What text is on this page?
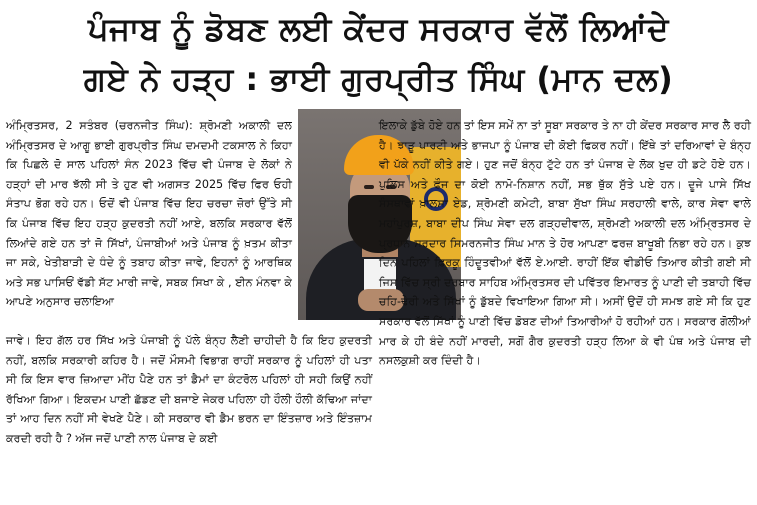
ਪੰਜਾਬ ਨੂੰ ਡੋਬਣ ਲਈ ਕੇਂਦਰ ਸਰਕਾਰ ਵੱਲੋਂ ਲਿਆਂਦੇ
ਗਏ ਨੇ ਹੜ੍ਹ : ਭਾਈ ਗੁਰਪ੍ਰੀਤ ਸਿੰਘ (ਮਾਨ ਦਲ)
ਅੰਮ੍ਰਿਤਸਰ, 2 ਸਤੰਬਰ (ਚਰਨਜੀਤ ਸਿੰਘ): ਸ਼੍ਰੋਮਣੀ ਅਕਾਲੀ ਦਲ ਅੰਮ੍ਰਿਤਸਰ ਦੇ ਆਗੂ ਭਾਈ ਗੁਰਪ੍ਰੀਤ ਸਿੰਘ ਦਮਦਮੀ ਟਕਸਾਲ ਨੇ ਕਿਹਾ ਕਿ ਪਿਛਲੇ ਦੋ ਸਾਲ ਪਹਿਲਾਂ ਸੰਨ 2023 ਵਿੱਚ ਵੀ ਪੰਜਾਬ ਦੇ ਲੋਕਾਂ ਨੇ ਹੜ੍ਹਾਂ ਦੀ ਮਾਰ ਝੱਲੀ ਸੀ ਤੇ ਹੁਣ ਵੀ ਅਗਸਤ 2025 ਵਿੱਚ ਫਿਰ ਓਹੀ ਸੰਤਾਪ ਭੋਗ ਰਹੇ ਹਨ। ਓਦੋਂ ਵੀ ਪੰਜਾਬ ਵਿੱਚ ਇਹ ਚਰਚਾ ਜ਼ੋਰਾਂ ਉੱਤੇ ਸੀ ਕਿ ਪੰਜਾਬ ਵਿੱਚ ਇਹ ਹੜ੍ਹ ਕੁਦਰਤੀ ਨਹੀਂ ਆਏ, ਬਲਕਿ ਸਰਕਾਰ ਵੱਲੋਂ ਲਿਆਂਦੇ ਗਏ ਹਨ ਤਾਂ ਜੋ ਸਿੱਖਾਂ, ਪੰਜਾਬੀਆਂ ਅਤੇ ਪੰਜਾਬ ਨੂੰ ਖ਼ਤਮ ਕੀਤਾ ਜਾ ਸਕੇ, ਖੇਤੀਬਾੜੀ ਦੇ ਧੰਦੇ ਨੂੰ ਤਬਾਹ ਕੀਤਾ ਜਾਵੇ, ਇਹਨਾਂ ਨੂੰ ਆਰਥਿਕ ਅਤੇ ਸਭ ਪਾਸਿਓਂ ਵੱਡੀ ਸੱਟ ਮਾਰੀ ਜਾਵੇ, ਸਬਕ ਸਿਖਾ ਕੇ , ਈਨ ਮੰਨਵਾ ਕੇ ਆਪਣੇ ਅਨੁਸਾਰ ਚਲਾਇਆ
ਜਾਵੇ। ਇਹ ਗੱਲ ਹਰ ਸਿੱਖ ਅਤੇ ਪੰਜਾਬੀ ਨੂੰ ਪੱਲੇ ਬੰਨ੍ਹ ਲੈਣੀ ਚਾਹੀਦੀ ਹੈ ਕਿ ਇਹ ਕੁਦਰਤੀ ਨਹੀਂ, ਬਲਕਿ ਸਰਕਾਰੀ ਕਹਿਰ ਹੈ। ਜਦੋਂ ਮੌਸਮੀ ਵਿਭਾਗ ਰਾਹੀਂ ਸਰਕਾਰ ਨੂੰ ਪਹਿਲਾਂ ਹੀ ਪਤਾ ਸੀ ਕਿ ਇਸ ਵਾਰ ਜ਼ਿਆਦਾ ਮੀਂਹ ਪੈਣੇ ਹਨ ਤਾਂ ਡੈਮਾਂ ਦਾ ਕੰਟਰੋਲ ਪਹਿਲਾਂ ਹੀ ਸਹੀ ਕਿਉਂ ਨਹੀਂ ਰੱਖਿਆ ਗਿਆ। ਇਕਦਮ ਪਾਣੀ ਛੱਡਣ ਦੀ ਬਜਾਏ ਜੇਕਰ ਪਹਿਲਾ ਹੀ ਹੌਲੀ ਹੌਲੀ ਕੱਢਿਆ ਜਾਂਦਾ ਤਾਂ ਆਹ ਦਿਨ ਨਹੀਂ ਸੀ ਵੇਖਣੇ ਪੈਣੇ। ਕੀ ਸਰਕਾਰ ਵੀ ਡੈਮ ਭਰਨ ਦਾ ਇੰਤਜ਼ਾਰ ਅਤੇ ਇੰਤਜ਼ਾਮ ਕਰਦੀ ਰਹੀ ਹੈ ? ਅੱਜ ਜਦੋਂ ਪਾਣੀ ਨਾਲ ਪੰਜਾਬ ਦੇ ਕਈ
ਇਲਾਕੇ ਡੁੱਬੇ ਹੋਏ ਹਨ ਤਾਂ ਇਸ ਸਮੇਂ ਨਾ ਤਾਂ ਸੂਬਾ ਸਰਕਾਰ ਤੇ ਨਾ ਹੀ ਕੇਂਦਰ ਸਰਕਾਰ ਸਾਰ ਲੈ ਰਹੀ ਹੈ। ਝਾੜੂ ਪਾਰਟੀ ਅਤੇ ਭਾਜਪਾ ਨੂੰ ਪੰਜਾਬ ਦੀ ਕੋਈ ਫਿਕਰ ਨਹੀਂ। ਇੱਥੇ ਤਾਂ ਦਰਿਆਵਾਂ ਦੇ ਬੰਨ੍ਹ ਵੀ ਪੱਕੇ ਨਹੀਂ ਕੀਤੇ ਗਏ। ਹੁਣ ਜਦੋਂ ਬੰਨ੍ਹ ਟੁੱਟੇ ਹਨ ਤਾਂ ਪੰਜਾਬ ਦੇ ਲੋਕ ਖੁਦ ਹੀ ਡਟੇ ਹੋਏ ਹਨ। ਪੁਲਿਸ ਅਤੇ ਫੌਜ ਦਾ ਕੋਈ ਨਾਮੋ-ਨਿਸ਼ਾਨ ਨਹੀਂ, ਸਭ ਥੁੱਕ ਸੁੱਤੇ ਪਏ ਹਨ। ਦੂਜੇ ਪਾਸੇ ਸਿੱਖ ਸੰਸਥਾਵਾਂ ਖ਼ਾਲਸਾ ਏਡ, ਸ਼੍ਰੋਮਣੀ ਕਮੇਟੀ, ਬਾਬਾ ਸੁੱਖਾ ਸਿੰਘ ਸਰਹਾਲੀ ਵਾਲੇ, ਕਾਰ ਸੇਵਾ ਵਾਲੇ ਮਹਾਂਪੁਰਸ਼, ਬਾਬਾ ਦੀਪ ਸਿੰਘ ਸੇਵਾ ਦਲ ਗੜ੍ਹਦੀਵਾਲ, ਸ਼੍ਰੋਮਣੀ ਅਕਾਲੀ ਦਲ ਅੰਮ੍ਰਿਤਸਰ ਦੇ ਪ੍ਰਧਾਨ ਸਰਦਾਰ ਸਿਮਰਨਜੀਤ ਸਿੰਘ ਮਾਨ ਤੇ ਹੋਰ ਆਪਣਾ ਫਰਜ਼ ਬਾਖੂਬੀ ਨਿਭਾ ਰਹੇ ਹਨ। ਕੁਝ ਦਿਨ ਪਹਿਲਾਂ ਫ਼ਿਰਕੂ ਹਿੰਦੂਤਵੀਆਂ ਵੱਲੋਂ ਏ.ਆਈ. ਰਾਹੀਂ ਇੱਕ ਵੀਡੀਓ ਤਿਆਰ ਕੀਤੀ ਗਈ ਸੀ ਜਿਸ ਵਿੱਚ ਸ੍ਰੀ ਦਰਬਾਰ ਸਾਹਿਬ ਅੰਮ੍ਰਿਤਸਰ ਦੀ ਪਵਿੱਤਰ ਇਮਾਰਤ ਨੂੰ ਪਾਣੀ ਦੀ ਤਬਾਹੀ ਵਿੱਚ ਚਹਿ-ਢੇਰੀ ਅਤੇ ਸਿੱਖਾਂ ਨੂੰ ਡੁੱਬਦੇ ਵਿਖਾਇਆ ਗਿਆ ਸੀ। ਅਸੀਂ ਉਦੋਂ ਹੀ ਸਮਝ ਗਏ ਸੀ ਕਿ ਹੁਣ ਸਰਕਾਰ ਵੱਲੋਂ ਸਿੱਖਾਂ ਨੂੰ ਪਾਣੀ ਵਿੱਚ ਡੋਬਣ ਦੀਆਂ ਤਿਆਰੀਆਂ ਹੋ ਰਹੀਆਂ ਹਨ। ਸਰਕਾਰ ਗੋਲੀਆਂ ਮਾਰ ਕੇ ਹੀ ਬੰਦੇ ਨਹੀਂ ਮਾਰਦੀ, ਸਗੋਂ ਗੈਰ ਕੁਦਰਤੀ ਹੜ੍ਹ ਲਿਆ ਕੇ ਵੀ ਪੰਥ ਅਤੇ ਪੰਜਾਬ ਦੀ ਨਸਲਕੁਸ਼ੀ ਕਰ ਦਿੰਦੀ ਹੈ।
